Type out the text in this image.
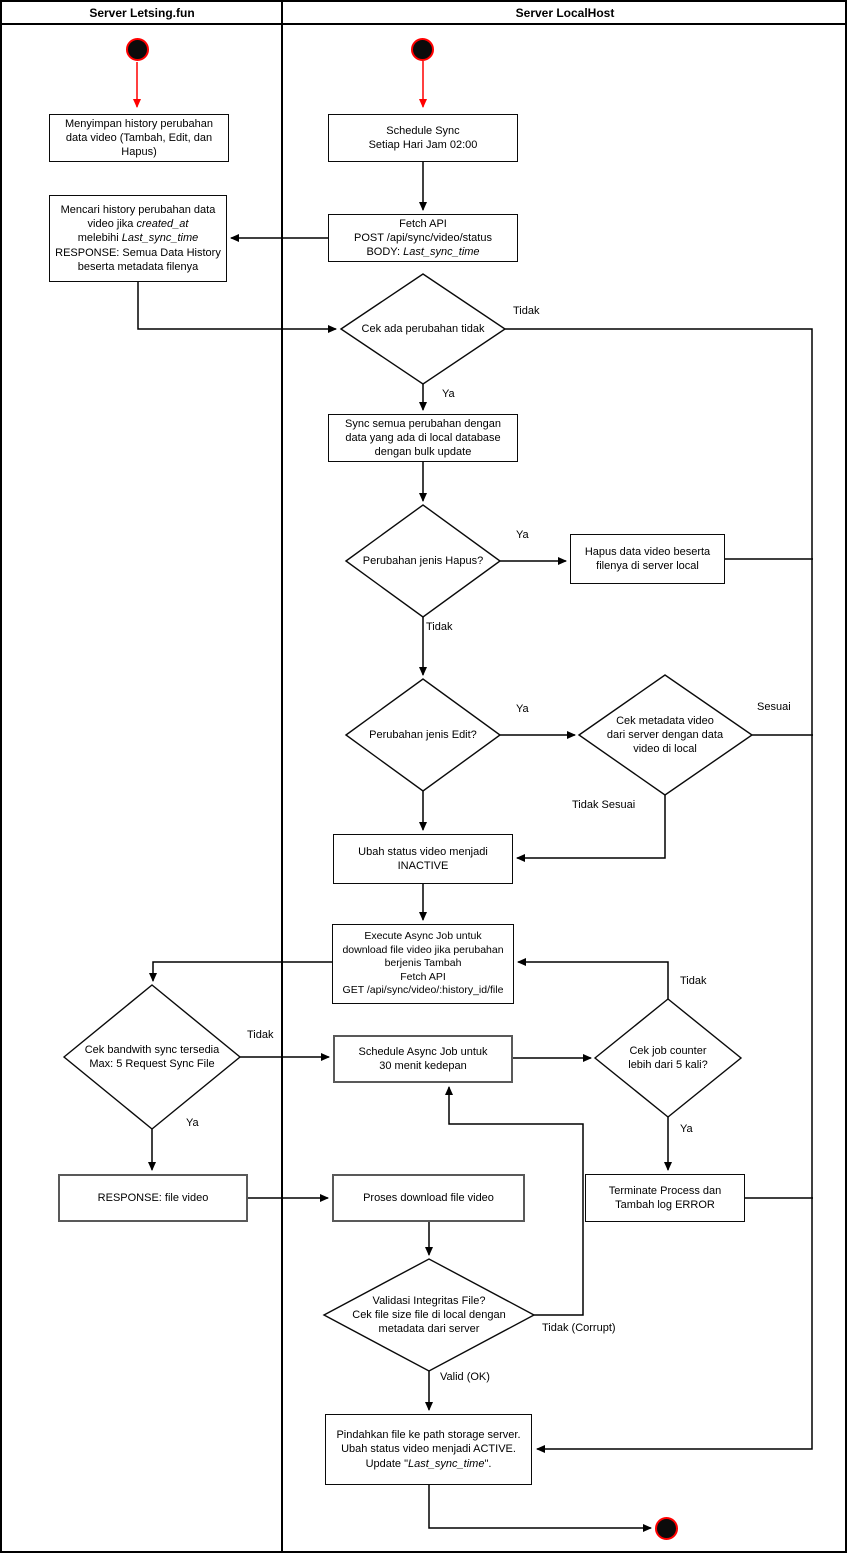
Server Letsing.fun	Server LocalHost
Menyimpan history perubahan
data video (Tambah, Edit, dan
Hapus)
Mencari history perubahan data
video jika created_at
melebihi Last_sync_time
RESPONSE: Semua Data History
beserta metadata filenya
Schedule Sync
Setiap Hari Jam 02:00
Fetch API
POST /api/sync/video/status
BODY: Last_sync_time
Sync semua perubahan dengan
data yang ada di local database
dengan bulk update
Hapus data video beserta
filenya di server local
Ubah status video menjadi
INACTIVE
Execute Async Job untuk
download file video jika perubahan
berjenis Tambah
Fetch API
GET /api/sync/video/:history_id/file
Schedule Async Job untuk
30 menit kedepan
RESPONSE: file video	Proses download file video
Terminate Process dan
Tambah log ERROR
Pindahkan file ke path storage server.
Ubah status video menjadi ACTIVE.
Update "Last_sync_time".
Cek ada perubahan tidak
Perubahan jenis Hapus?
Perubahan jenis Edit?
Cek metadata video
dari server dengan data
video di local
Cek bandwith sync tersedia
Max: 5 Request Sync File
Cek job counter
lebih dari 5 kali?
Validasi Integritas File?
Cek file size file di local dengan
metadata dari server
Ya
Tidak
Ya
Tidak
Ya	Sesuai
Tidak Sesuai
Tidak
Ya
Tidak
Ya
Tidak (Corrupt)
Valid (OK)
